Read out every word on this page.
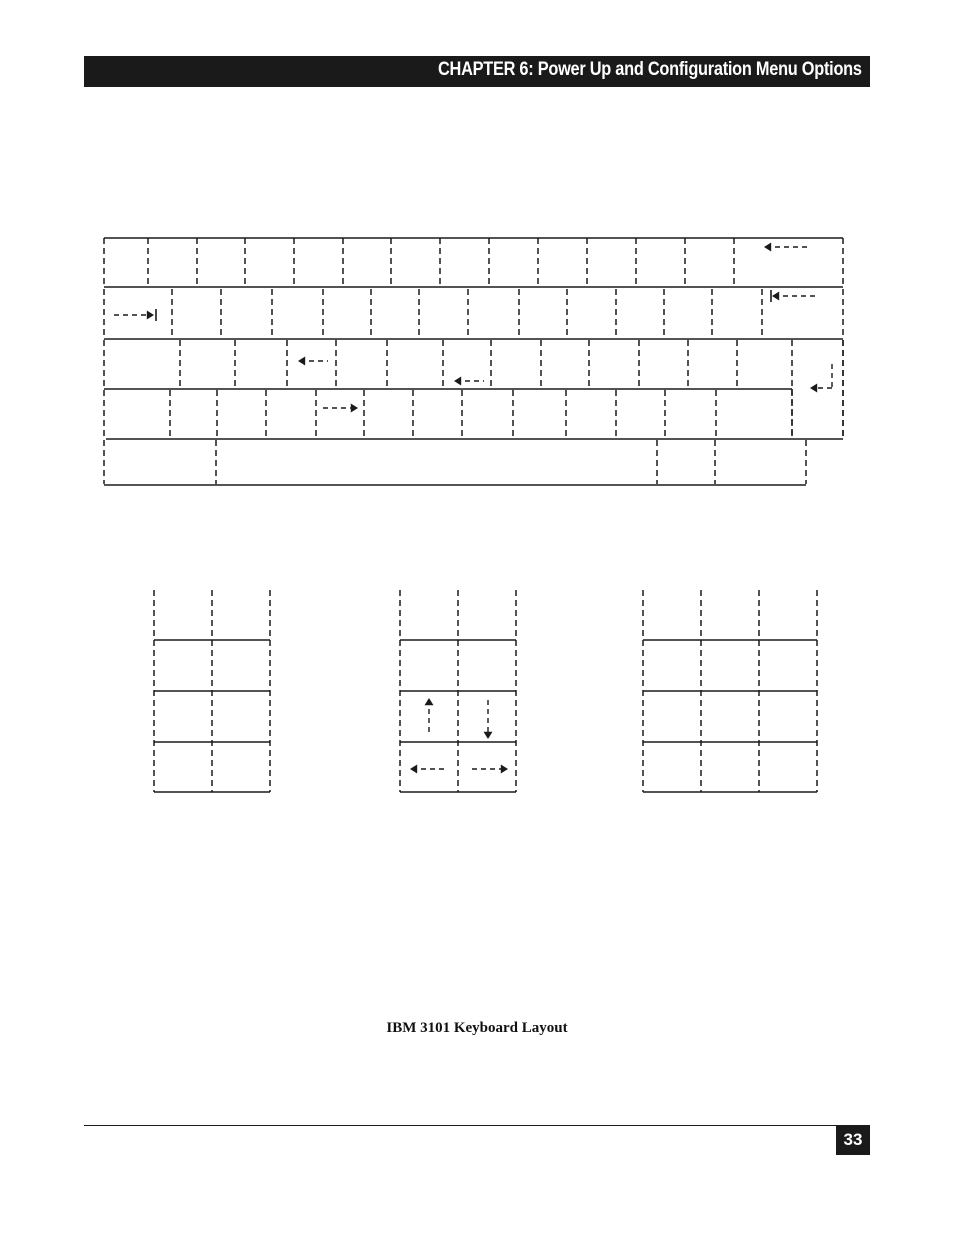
CHAPTER 6: Power Up and Configuration Menu Options
IBM 3101 Keyboard Layout
33
